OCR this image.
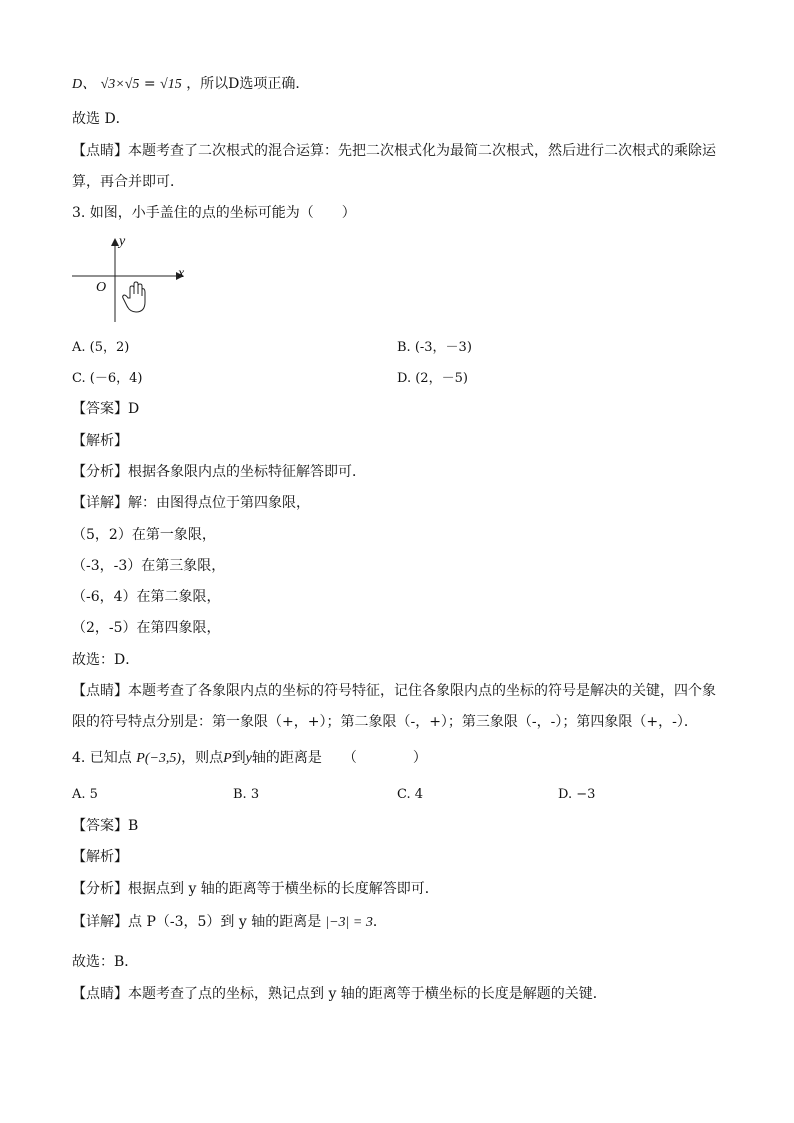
D、 √3×√5 = √15 ，所以D选项正确．
故选 D．
【点睛】本题考查了二次根式的混合运算：先把二次根式化为最简二次根式，然后进行二次根式的乘除运
算，再合并即可．
3. 如图，小手盖住的点的坐标可能为（　　）
y
x
O
A. (5，2)	B. (-3，－3)
C. (－6，4)	D. (2，－5)
【答案】D
【解析】
【分析】根据各象限内点的坐标特征解答即可．
【详解】解：由图得点位于第四象限，
（5，2）在第一象限，
（-3，-3）在第三象限，
（-6，4）在第二象限，
（2，-5）在第四象限，
故选：D．
【点睛】本题考查了各象限内点的坐标的符号特征，记住各象限内点的坐标的符号是解决的关键，四个象
限的符号特点分别是：第一象限（+，+）；第二象限（-，+）；第三象限（-，-）；第四象限（+，-）．
4. 已知点 P(−3,5)，则点P到y轴的距离是　　（　　　　）
A. 5	B. 3	C. 4	D. −3
【答案】B
【解析】
【分析】根据点到 y 轴的距离等于横坐标的长度解答即可．
【详解】点 P（-3，5）到 y 轴的距离是 |−3| = 3．
故选：B．
【点睛】本题考查了点的坐标，熟记点到 y 轴的距离等于横坐标的长度是解题的关键．
